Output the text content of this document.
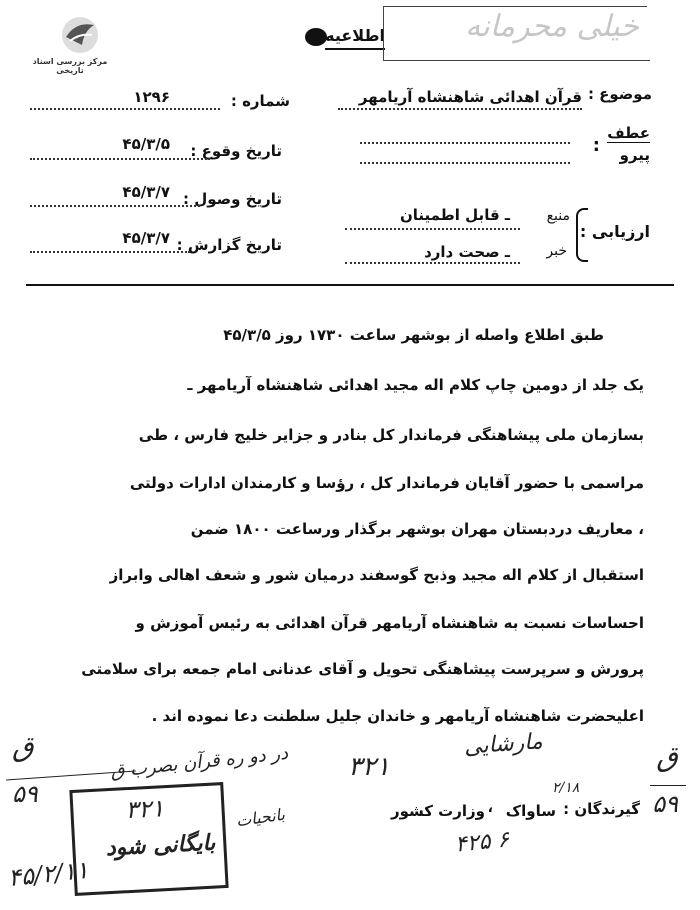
مرکز بررسی اسناد تاریخی
اطلاعیه	خیلی محرمانه
موضوع :
قرآن اهدائی شاهنشاه آریامهر
عطف
پیرو
:
ارزیابی :
منبع
ـ قابل اطمینان
خبر
ـ صحت دارد
شماره :
۱۲۹۶
تاریخ وقوع :
۴۵/۳/۵
تاریخ وصول :
۴۵/۳/۷
تاریخ گزارش :
۴۵/۳/۷
طبق اطلاع واصله از بوشهر ساعت ۱۷۳۰ روز ۴۵/۳/۵
یک جلد از دومین چاپ کلام اله مجید اهدائی شاهنشاه آریامهر ـ
بسازمان ملی پیشاهنگی فرماندار کل بنادر و جزایر خلیج فارس ، طی
مراسمی با حضور آقایان فرماندار کل ، رؤسا و کارمندان ادارات دولتی
، معاریف دردبستان مهران بوشهر برگذار ورساعت ۱۸۰۰ ضمن
استقبال از کلام اله مجید وذبح گوسفند درمیان شور و شعف اهالی وابراز
احساسات نسبت به شاهنشاه آریامهر قرآن اهدائی به رئیس آموزش و
پرورش و سرپرست پیشاهنگی تحویل و آقای عدنانی امام جمعه برای سلامتی
اعلیحضرت شاهنشاه آریامهر و خاندان جلیل سلطنت دعا نموده اند .
گیرندگان :
ساواک
،
وزارت کشور
ق
۵۹
ق
۵۹
در دو ره قرآن بصرب ق
بانحیات
۳۲۱
مارشایی
۲/۱۸
۴۲۵ ۶
۴۵/۲/۱۱
۳۲۱
بایگانی شود
